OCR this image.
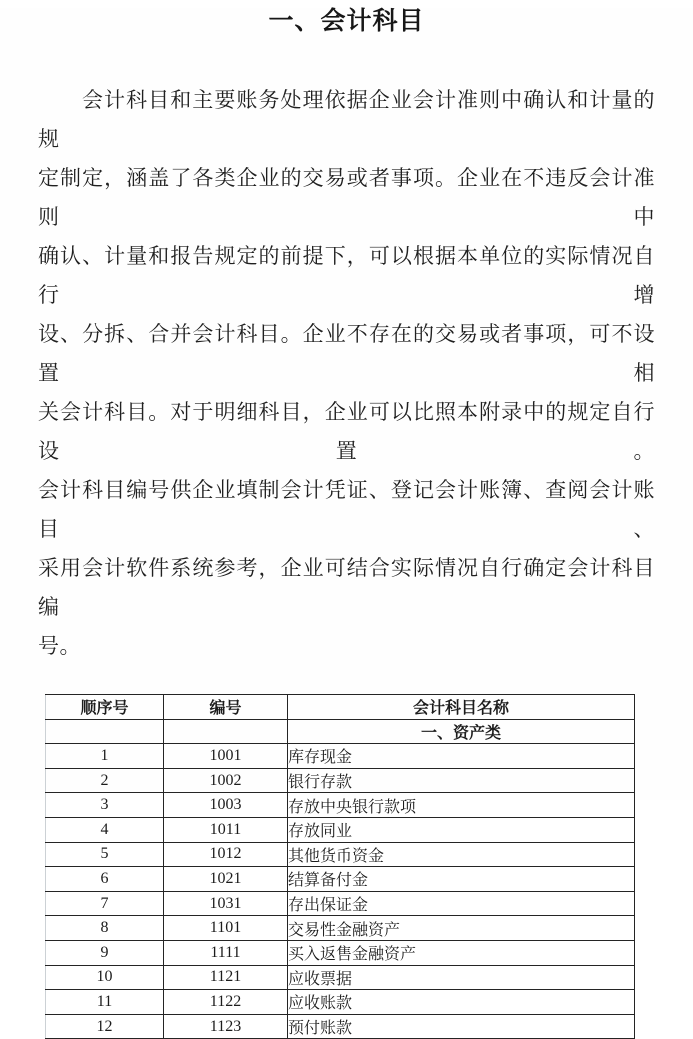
一、会计科目
会计科目和主要账务处理依据企业会计准则中确认和计量的规
定制定，涵盖了各类企业的交易或者事项。企业在不违反会计准则中
确认、计量和报告规定的前提下，可以根据本单位的实际情况自行增
设、分拆、合并会计科目。企业不存在的交易或者事项，可不设置相
关会计科目。对于明细科目，企业可以比照本附录中的规定自行设置。
会计科目编号供企业填制会计凭证、登记会计账簿、查阅会计账目、
采用会计软件系统参考，企业可结合实际情况自行确定会计科目编
号。
顺序号	编号	会计科目名称
		一、资产类
1	1001	库存现金
2	1002	银行存款
3	1003	存放中央银行款项
4	1011	存放同业
5	1012	其他货币资金
6	1021	结算备付金
7	1031	存出保证金
8	1101	交易性金融资产
9	1111	买入返售金融资产
10	1121	应收票据
11	1122	应收账款
12	1123	预付账款
